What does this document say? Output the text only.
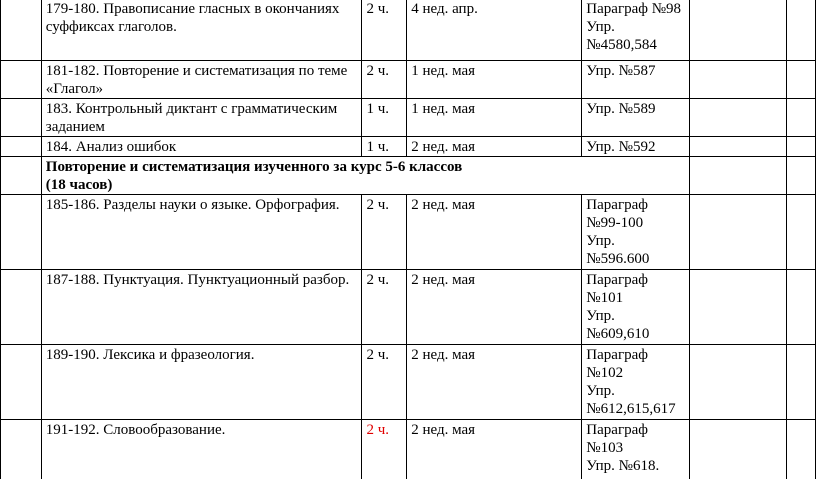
	179-180. Правописание гласных в окончаниях суффиксах глаголов.	2 ч.	4 нед. апр.	Параграф №98
Упр.
№4580,584		

	181-182. Повторение и систематизация по теме «Глагол»	2 ч.	1 нед. мая	Упр. №587		

	183. Контрольный диктант с грамматическим заданием	1 ч.	1 нед. мая	Упр. №589		

	184. Анализ ошибок	1 ч.	2 нед. мая	Упр. №592		

	Повторение и систематизация изученного за курс 5-6 классов (18 часов)					
	185-186. Разделы науки о языке. Орфография.	2 ч.	2 нед. мая	Параграф
№99-100
Упр.
№596.600		

	187-188. Пунктуация. Пунктуационный разбор.	2 ч.	2 нед. мая	Параграф
№101
Упр.
№609,610		

	189-190. Лексика и фразеология.	2 ч.	2 нед. мая	Параграф
№102
Упр.
№612,615,617		

	191-192. Словообразование.	2 ч.	2 нед. мая	Параграф
№103
Упр. №618.		
